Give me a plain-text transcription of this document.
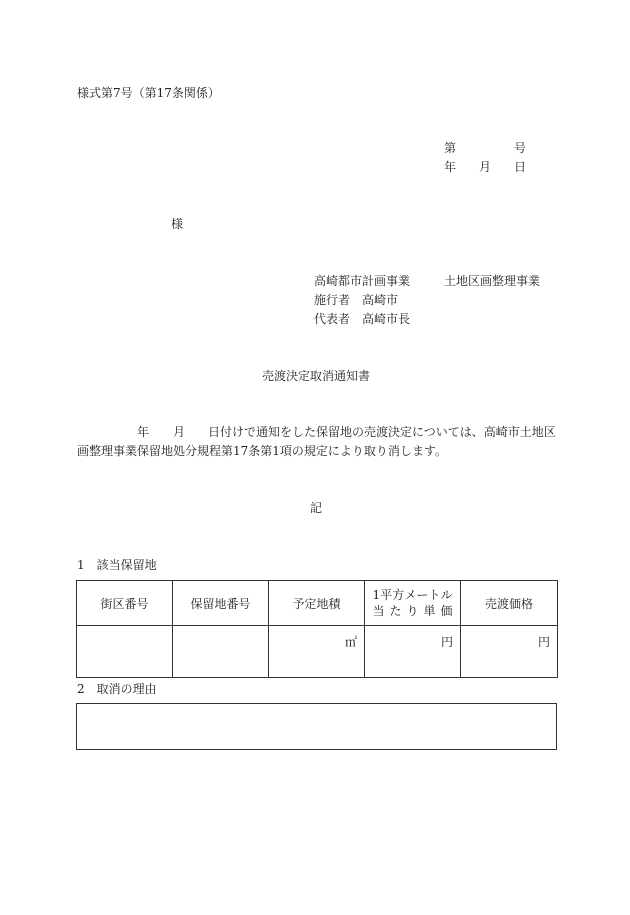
様式第7号（第17条関係）
第	号
年 月 日
様
高崎都市計画事業	土地区画整理事業
施行者　高崎市
代表者　高崎市長
売渡決定取消通知書
年 月 日付けで通知をした保留地の売渡決定については、高崎市土地区
画整理事業保留地処分規程第17条第1項の規定により取り消します。
記
1　該当保留地
街区番号	保留地番号	予定地積	1平方メートル当たり単価	売渡価格
		㎡	円	円
2　取消の理由
